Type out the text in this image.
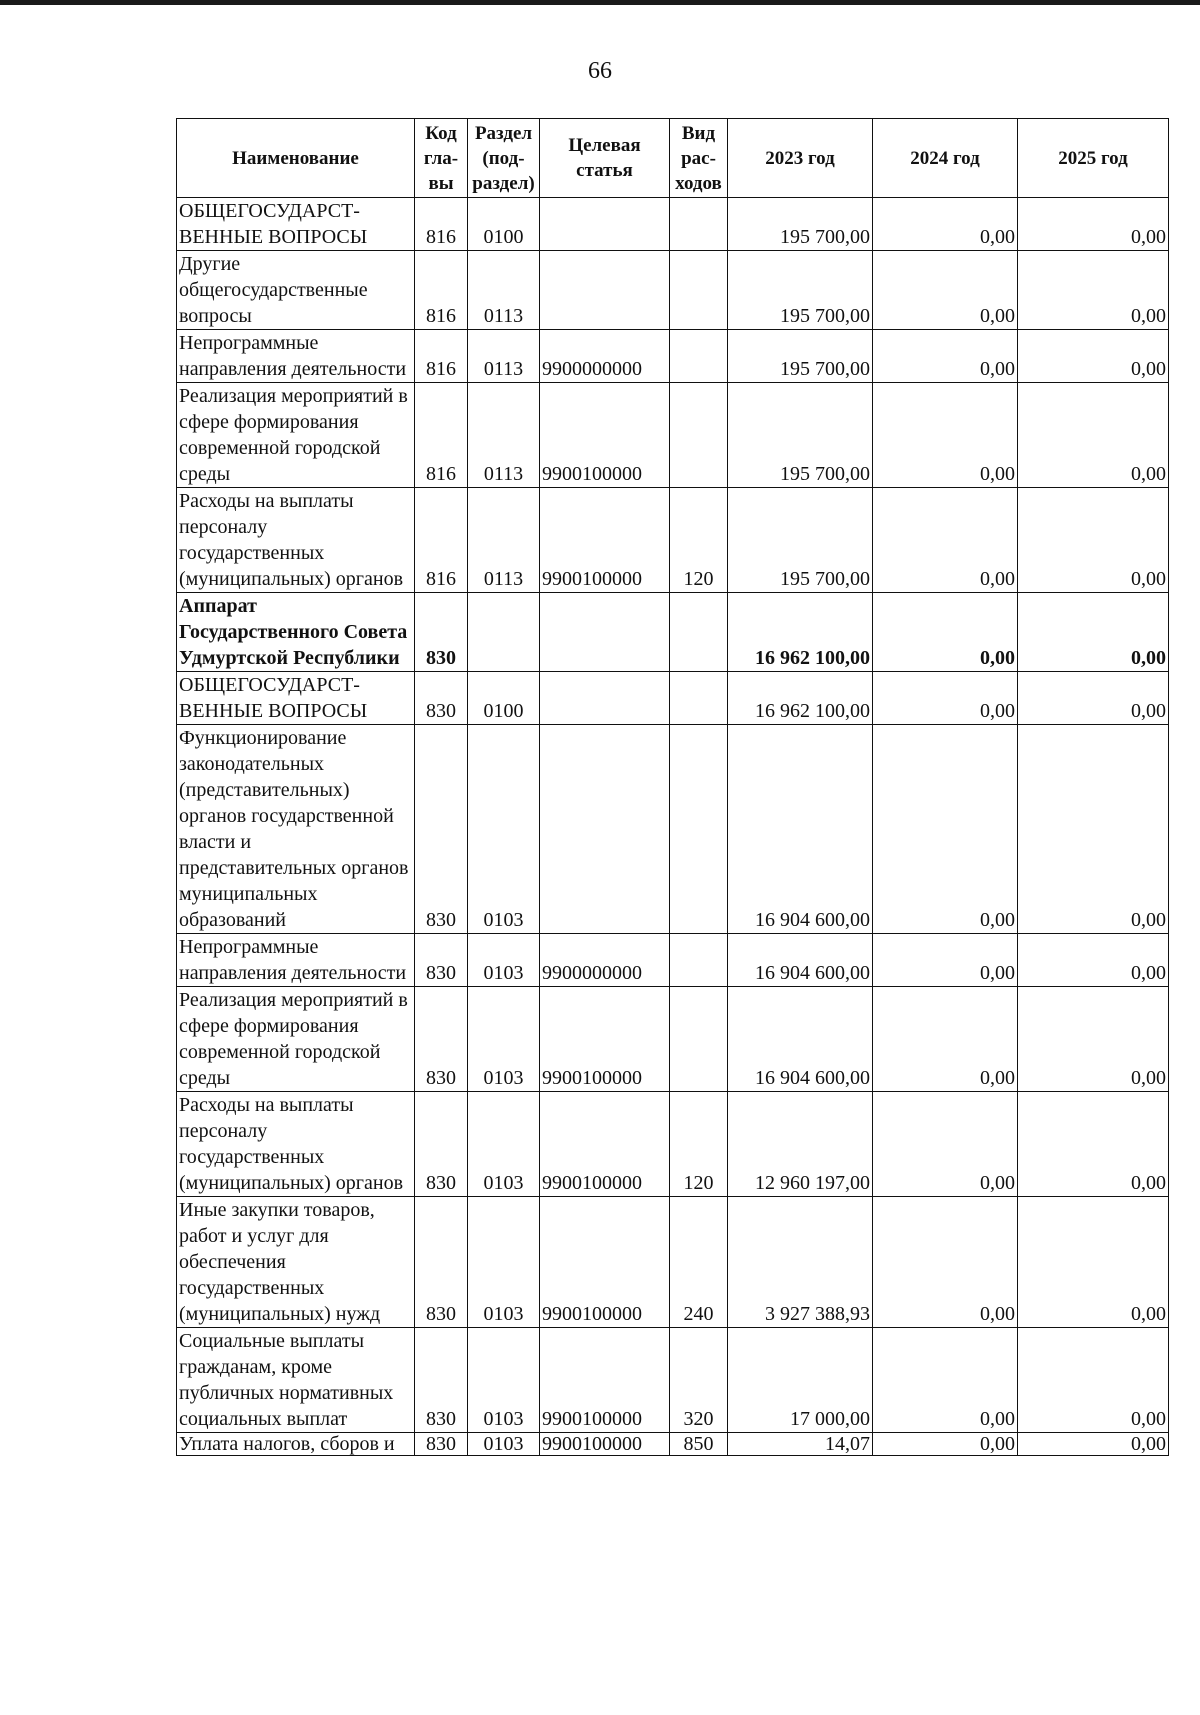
66
Наименование	Код гла-вы	Раздел (под-раздел)	Целевая статья	Вид рас-ходов	2023 год	2024 год	2025 год
ОБЩЕГОСУДАРСТ-ВЕННЫЕ ВОПРОСЫ	816	0100			195 700,00	0,00	0,00
Другие общегосударственные вопросы	816	0113			195 700,00	0,00	0,00
Непрограммные направления деятельности	816	0113	9900000000		195 700,00	0,00	0,00
Реализация мероприятий в сфере формирования современной городской среды	816	0113	9900100000		195 700,00	0,00	0,00
Расходы на выплаты персоналу государственных (муниципальных) органов	816	0113	9900100000	120	195 700,00	0,00	0,00
Аппарат Государственного Совета Удмуртской Республики	830				16 962 100,00	0,00	0,00
ОБЩЕГОСУДАРСТ-ВЕННЫЕ ВОПРОСЫ	830	0100			16 962 100,00	0,00	0,00
Функционирование законодательных (представительных) органов государственной власти и представительных органов муниципальных образований	830	0103			16 904 600,00	0,00	0,00
Непрограммные направления деятельности	830	0103	9900000000		16 904 600,00	0,00	0,00
Реализация мероприятий в сфере формирования современной городской среды	830	0103	9900100000		16 904 600,00	0,00	0,00
Расходы на выплаты персоналу государственных (муниципальных) органов	830	0103	9900100000	120	12 960 197,00	0,00	0,00
Иные закупки товаров, работ и услуг для обеспечения государственных (муниципальных) нужд	830	0103	9900100000	240	3 927 388,93	0,00	0,00
Социальные выплаты гражданам, кроме публичных нормативных социальных выплат	830	0103	9900100000	320	17 000,00	0,00	0,00
Уплата налогов, сборов и	830	0103	9900100000	850	14,07	0,00	0,00
